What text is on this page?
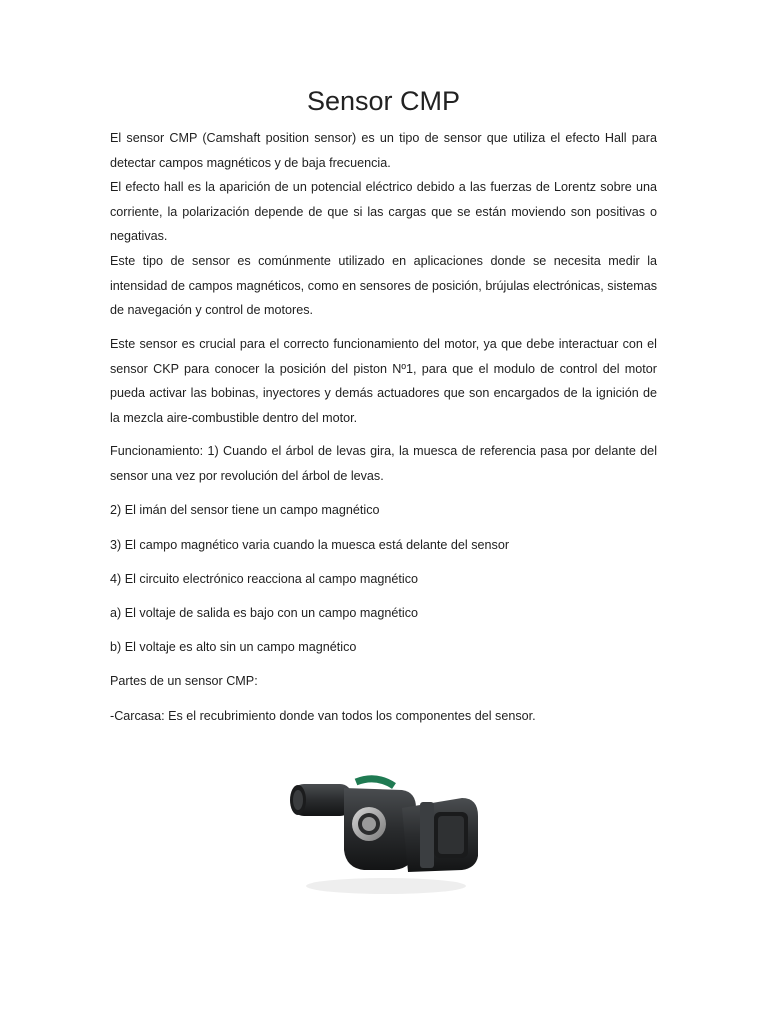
Sensor CMP

El sensor CMP (Camshaft position sensor) es un tipo de sensor que utiliza el efecto Hall para detectar campos magnéticos y de baja frecuencia.

El efecto hall es la aparición de un potencial eléctrico debido a las fuerzas de Lorentz sobre una corriente, la polarización depende de que si las cargas que se están moviendo son positivas o negativas.

Este tipo de sensor es comúnmente utilizado en aplicaciones donde se necesita medir la intensidad de campos magnéticos, como en sensores de posición, brújulas electrónicas, sistemas de navegación y control de motores.

Este sensor es crucial para el correcto funcionamiento del motor, ya que debe interactuar con el sensor CKP para conocer la posición del piston Nº1, para que el modulo de control del motor pueda activar las bobinas, inyectores y demás actuadores que son encargados de la ignición de la mezcla aire-combustible dentro del motor.

Funcionamiento: 1) Cuando el árbol de levas gira, la muesca de referencia pasa por delante del sensor una vez por revolución del árbol de levas.

2) El imán del sensor tiene un campo magnético

3) El campo magnético varia cuando la muesca está delante del sensor

4) El circuito electrónico reacciona al campo magnético

a) El voltaje de salida es bajo con un campo magnético

b) El voltaje es alto sin un campo magnético

Partes de un sensor CMP:

-Carcasa: Es el recubrimiento donde van todos los componentes del sensor.
